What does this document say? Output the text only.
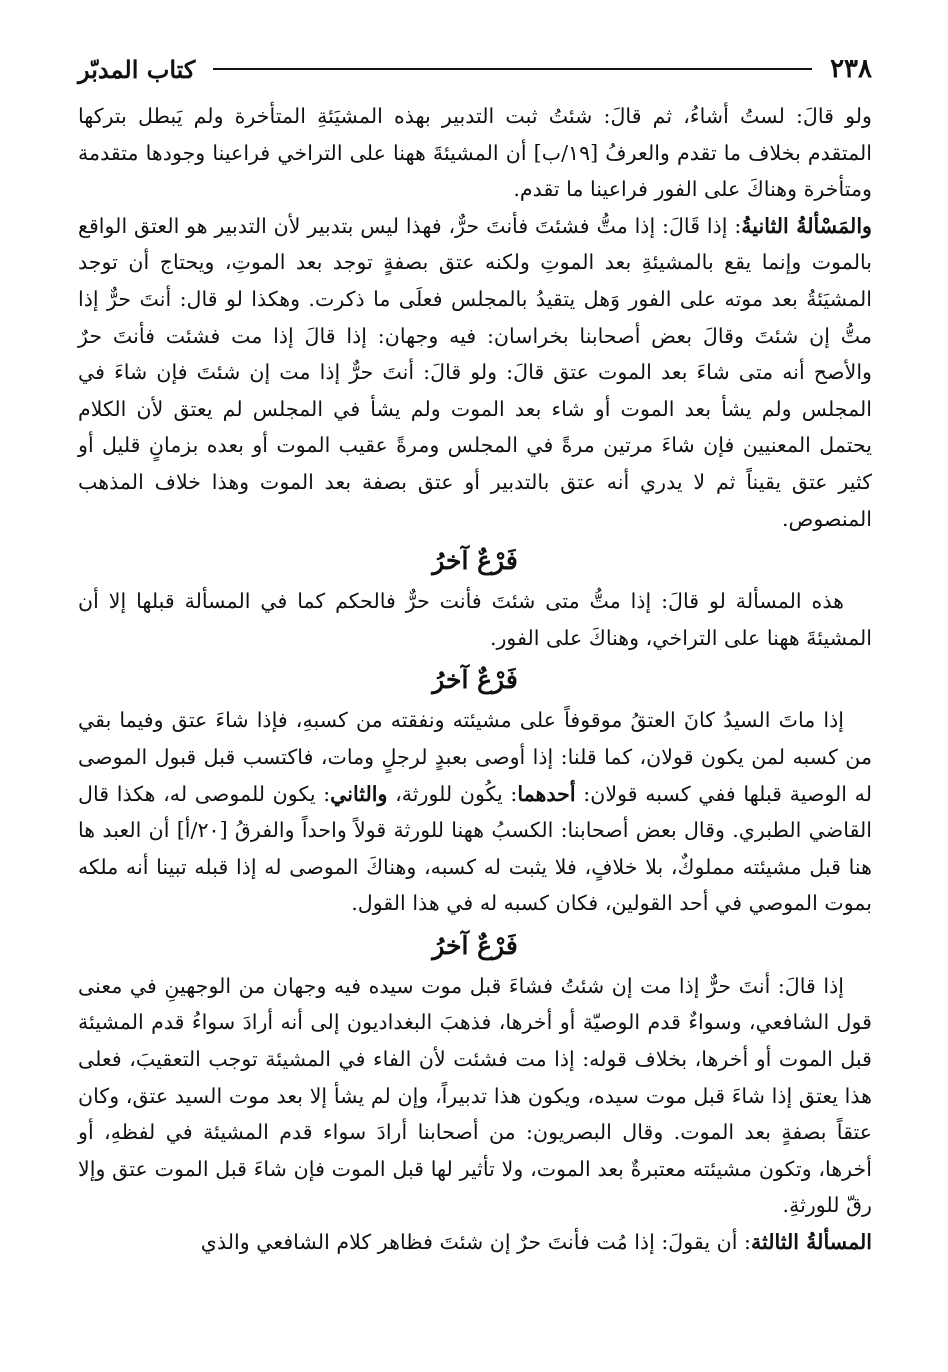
٢٣٨
كتاب المدبّر

ولو قالَ: لستُ أشاءُ، ثم قالَ: شئتُ ثبت التدبير بهذه المشيَئةِ المتأخرة ولم يَبطل بتركها المتقدم بخلاف ما تقدم والعرفُ [١٩/ب] أن المشيئةَ ههنا على التراخي فراعينا وجودها متقدمة ومتأخرة وهناكَ على الفور فراعينا ما تقدم.

والمَسْألةُ الثانيةُ: إذا قَالَ: إذا متُّ فشئتَ فأنتَ حرٌّ، فهذا ليس بتدبير لأن التدبير هو العتق الواقع بالموت وإنما يقع بالمشيئةِ بعد الموتِ ولكنه عتق بصفةٍ توجد بعد الموتِ، ويحتاج أن توجد المشيَئةُ بعد موته على الفور وَهل يتقيدُ بالمجلس فعلَى ما ذكرت. وهكذا لو قال: أنتَ حرٌّ إذا متُّ إن شئتَ وقالَ بعض أصحابنا بخراسان: فيه وجهان: إذا قالَ إذا مت فشئت فأنتَ حرٌ والأصح أنه متى شاءَ بعد الموت عتق قالَ: ولو قالَ: أنتَ حرٌّ إذا مت إن شئتَ فإن شاءَ في المجلس ولم يشأ بعد الموت أو شاء بعد الموت ولم يشأ في المجلس لم يعتق لأن الكلام يحتمل المعنيين فإن شاءَ مرتين مرةً في المجلس ومرةً عقيب الموت أو بعده بزمانٍ قليل أو كثير عتق يقيناً ثم لا يدري أنه عتق بالتدبير أو عتق بصفة بعد الموت وهذا خلاف المذهب المنصوص.

فَرْعٌ آخرُ

هذه المسألة لو قالَ: إذا متُّ متى شئتَ فأنت حرٌّ فالحكم كما في المسألة قبلها إلا أن المشيئةَ ههنا على التراخي، وهناكَ على الفور.

فَرْعٌ آخرُ

إذا ماتَ السيدُ كانَ العتقُ موقوفاً على مشيئته ونفقته من كسبهِ، فإذا شاءَ عتق وفيما بقي من كسبه لمن يكون قولان، كما قلنا: إذا أوصى بعبدٍ لرجلٍ ومات، فاكتسب قبل قبول الموصى له الوصية قبلها ففي كسبه قولان: أحدهما: يكُون للورثة، والثاني: يكون للموصى له، هكذا قال القاضي الطبري. وقال بعض أصحابنا: الكسبُ ههنا للورثة قولاً واحداً والفرقُ [٢٠/أ] أن العبد ها هنا قبل مشيئته مملوكٌ، بلا خلافٍ، فلا يثبت له كسبه، وهناكَ الموصى له إذا قبله تبينا أنه ملكه بموت الموصي في أحد القولين، فكان كسبه له في هذا القول.

فَرْعٌ آخرُ

إذا قالَ: أنتَ حرٌّ إذا مت إن شئتُ فشاءَ قبل موت سيده فيه وجهان من الوجهينِ في معنى قول الشافعي، وسواءٌ قدم الوصيّة أو أخرها، فذهبَ البغداديون إلى أنه أرادَ سواءُ قدم المشيئة قبل الموت أو أخرها، بخلاف قوله: إذا مت فشئت لأن الفاء في المشيئة توجب التعقيبَ، فعلى هذا يعتق إذا شاءَ قبل موت سيده، ويكون هذا تدبيراً، وإن لم يشأ إلا بعد موت السيد عتق، وكان عتقاً بصفةٍ بعد الموت. وقال البصريون: من أصحابنا أرادَ سواء قدم المشيئة في لفظهِ، أو أخرها، وتكون مشيئته معتبرةٌ بعد الموت، ولا تأثير لها قبل الموت فإن شاءَ قبل الموت عتق وإلا رقّ للورثةِ.

المسألةُ الثالثة: أن يقولَ: إذا مُت فأنتَ حرٌ إن شئتَ فظاهر كلام الشافعي والذي
